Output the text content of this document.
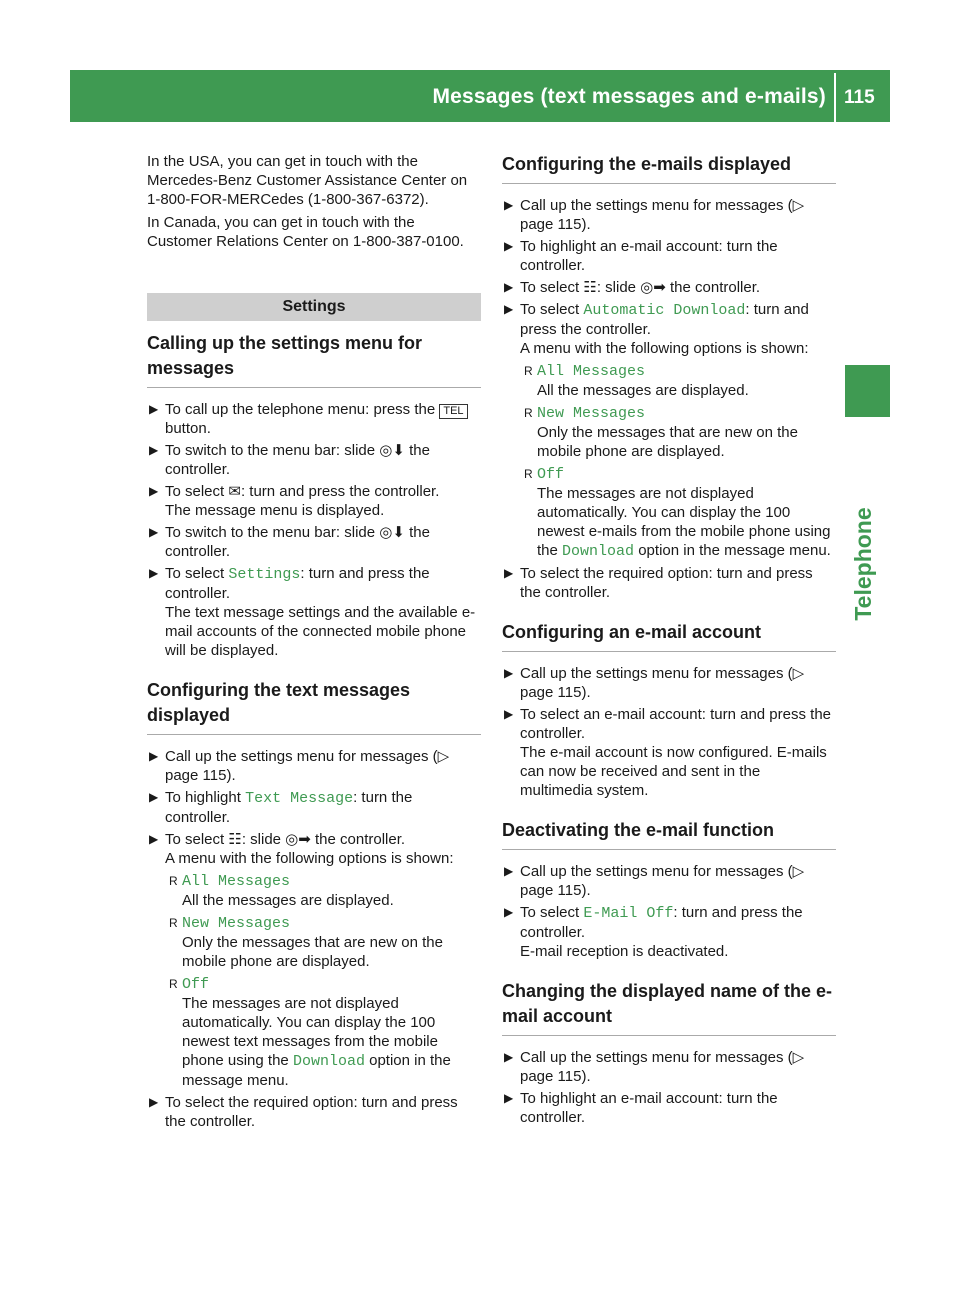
Messages (text messages and e-mails) 115
Telephone

In the USA, you can get in touch with the Mercedes-Benz Customer Assistance Center on 1-800-FOR-MERCedes (1-800-367-6372).

In Canada, you can get in touch with the Customer Relations Center on 1-800-387-0100.

Settings
Calling up the settings menu for messages
▶ To call up the telephone menu: press the TEL button.
▶ To switch to the menu bar: slide ◎⬇ the controller.
▶ To select ✉: turn and press the controller.
The message menu is displayed.
▶ To switch to the menu bar: slide ◎⬇ the controller.
▶ To select Settings: turn and press the controller.
The text message settings and the available e-mail accounts of the connected mobile phone will be displayed.
Configuring the text messages displayed
▶ Call up the settings menu for messages (▷ page 115).
▶ To highlight Text Message: turn the controller.
▶ To select ☷: slide ◎➡ the controller.
A menu with the following options is shown:
R All Messages
All the messages are displayed.
R New Messages
Only the messages that are new on the mobile phone are displayed.
R Off
The messages are not displayed automatically. You can display the 100 newest text messages from the mobile phone using the Download option in the message menu.
▶ To select the required option: turn and press the controller.
Configuring the e-mails displayed
▶ Call up the settings menu for messages (▷ page 115).
▶ To highlight an e-mail account: turn the controller.
▶ To select ☷: slide ◎➡ the controller.
▶ To select Automatic Download: turn and press the controller.
A menu with the following options is shown:
R All Messages
All the messages are displayed.
R New Messages
Only the messages that are new on the mobile phone are displayed.
R Off
The messages are not displayed automatically. You can display the 100 newest e-mails from the mobile phone using the Download option in the message menu.
▶ To select the required option: turn and press the controller.
Configuring an e-mail account
▶ Call up the settings menu for messages (▷ page 115).
▶ To select an e-mail account: turn and press the controller.
The e-mail account is now configured. E-mails can now be received and sent in the multimedia system.
Deactivating the e-mail function
▶ Call up the settings menu for messages (▷ page 115).
▶ To select E-Mail Off: turn and press the controller.
E-mail reception is deactivated.
Changing the displayed name of the e-mail account
▶ Call up the settings menu for messages (▷ page 115).
▶ To highlight an e-mail account: turn the controller.
